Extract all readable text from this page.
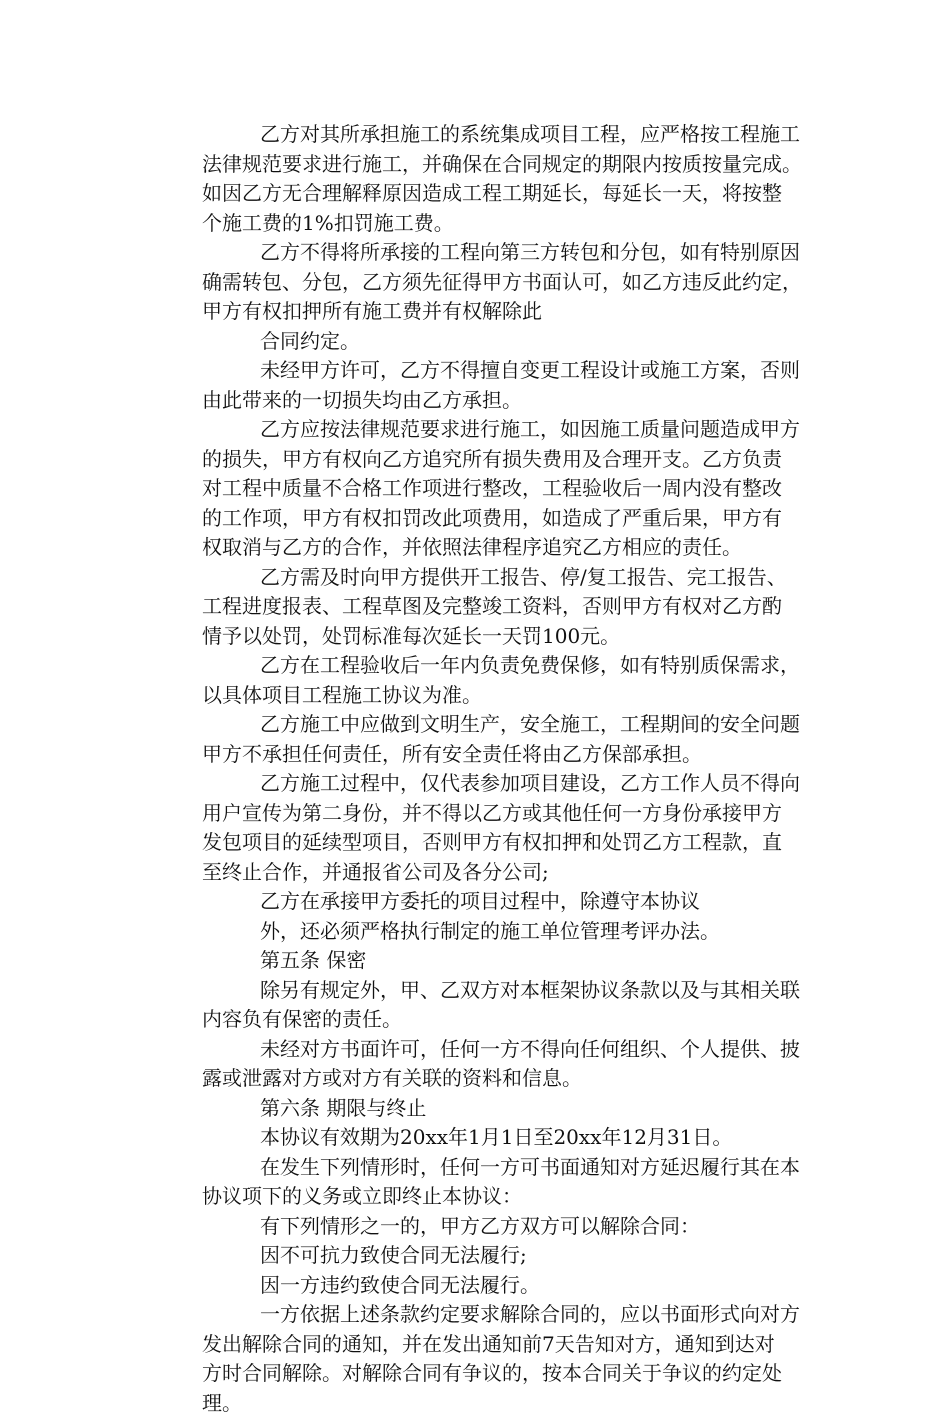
乙方对其所承担施工的系统集成项目工程，应严格按工程施工
法律规范要求进行施工，并确保在合同规定的期限内按质按量完成。
如因乙方无合理解释原因造成工程工期延长，每延长一天，将按整
个施工费的1%扣罚施工费。
乙方不得将所承接的工程向第三方转包和分包，如有特别原因
确需转包、分包，乙方须先征得甲方书面认可，如乙方违反此约定，
甲方有权扣押所有施工费并有权解除此
合同约定。
未经甲方许可，乙方不得擅自变更工程设计或施工方案，否则
由此带来的一切损失均由乙方承担。
乙方应按法律规范要求进行施工，如因施工质量问题造成甲方
的损失，甲方有权向乙方追究所有损失费用及合理开支。乙方负责
对工程中质量不合格工作项进行整改，工程验收后一周内没有整改
的工作项，甲方有权扣罚改此项费用，如造成了严重后果，甲方有
权取消与乙方的合作，并依照法律程序追究乙方相应的责任。
乙方需及时向甲方提供开工报告、停/复工报告、完工报告、
工程进度报表、工程草图及完整竣工资料，否则甲方有权对乙方酌
情予以处罚，处罚标准每次延长一天罚100元。
乙方在工程验收后一年内负责免费保修，如有特别质保需求，
以具体项目工程施工协议为准。
乙方施工中应做到文明生产，安全施工，工程期间的安全问题
甲方不承担任何责任，所有安全责任将由乙方保部承担。
乙方施工过程中，仅代表参加项目建设，乙方工作人员不得向
用户宣传为第二身份，并不得以乙方或其他任何一方身份承接甲方
发包项目的延续型项目，否则甲方有权扣押和处罚乙方工程款，直
至终止合作，并通报省公司及各分公司;
乙方在承接甲方委托的项目过程中，除遵守本协议
外，还必须严格执行制定的施工单位管理考评办法。
第五条 保密
除另有规定外，甲、乙双方对本框架协议条款以及与其相关联
内容负有保密的责任。
未经对方书面许可，任何一方不得向任何组织、个人提供、披
露或泄露对方或对方有关联的资料和信息。
第六条 期限与终止
本协议有效期为20xx年1月1日至20xx年12月31日。
在发生下列情形时，任何一方可书面通知对方延迟履行其在本
协议项下的义务或立即终止本协议：
有下列情形之一的，甲方乙方双方可以解除合同：
因不可抗力致使合同无法履行;
因一方违约致使合同无法履行。
一方依据上述条款约定要求解除合同的，应以书面形式向对方
发出解除合同的通知，并在发出通知前7天告知对方，通知到达对
方时合同解除。对解除合同有争议的，按本合同关于争议的约定处
理。
